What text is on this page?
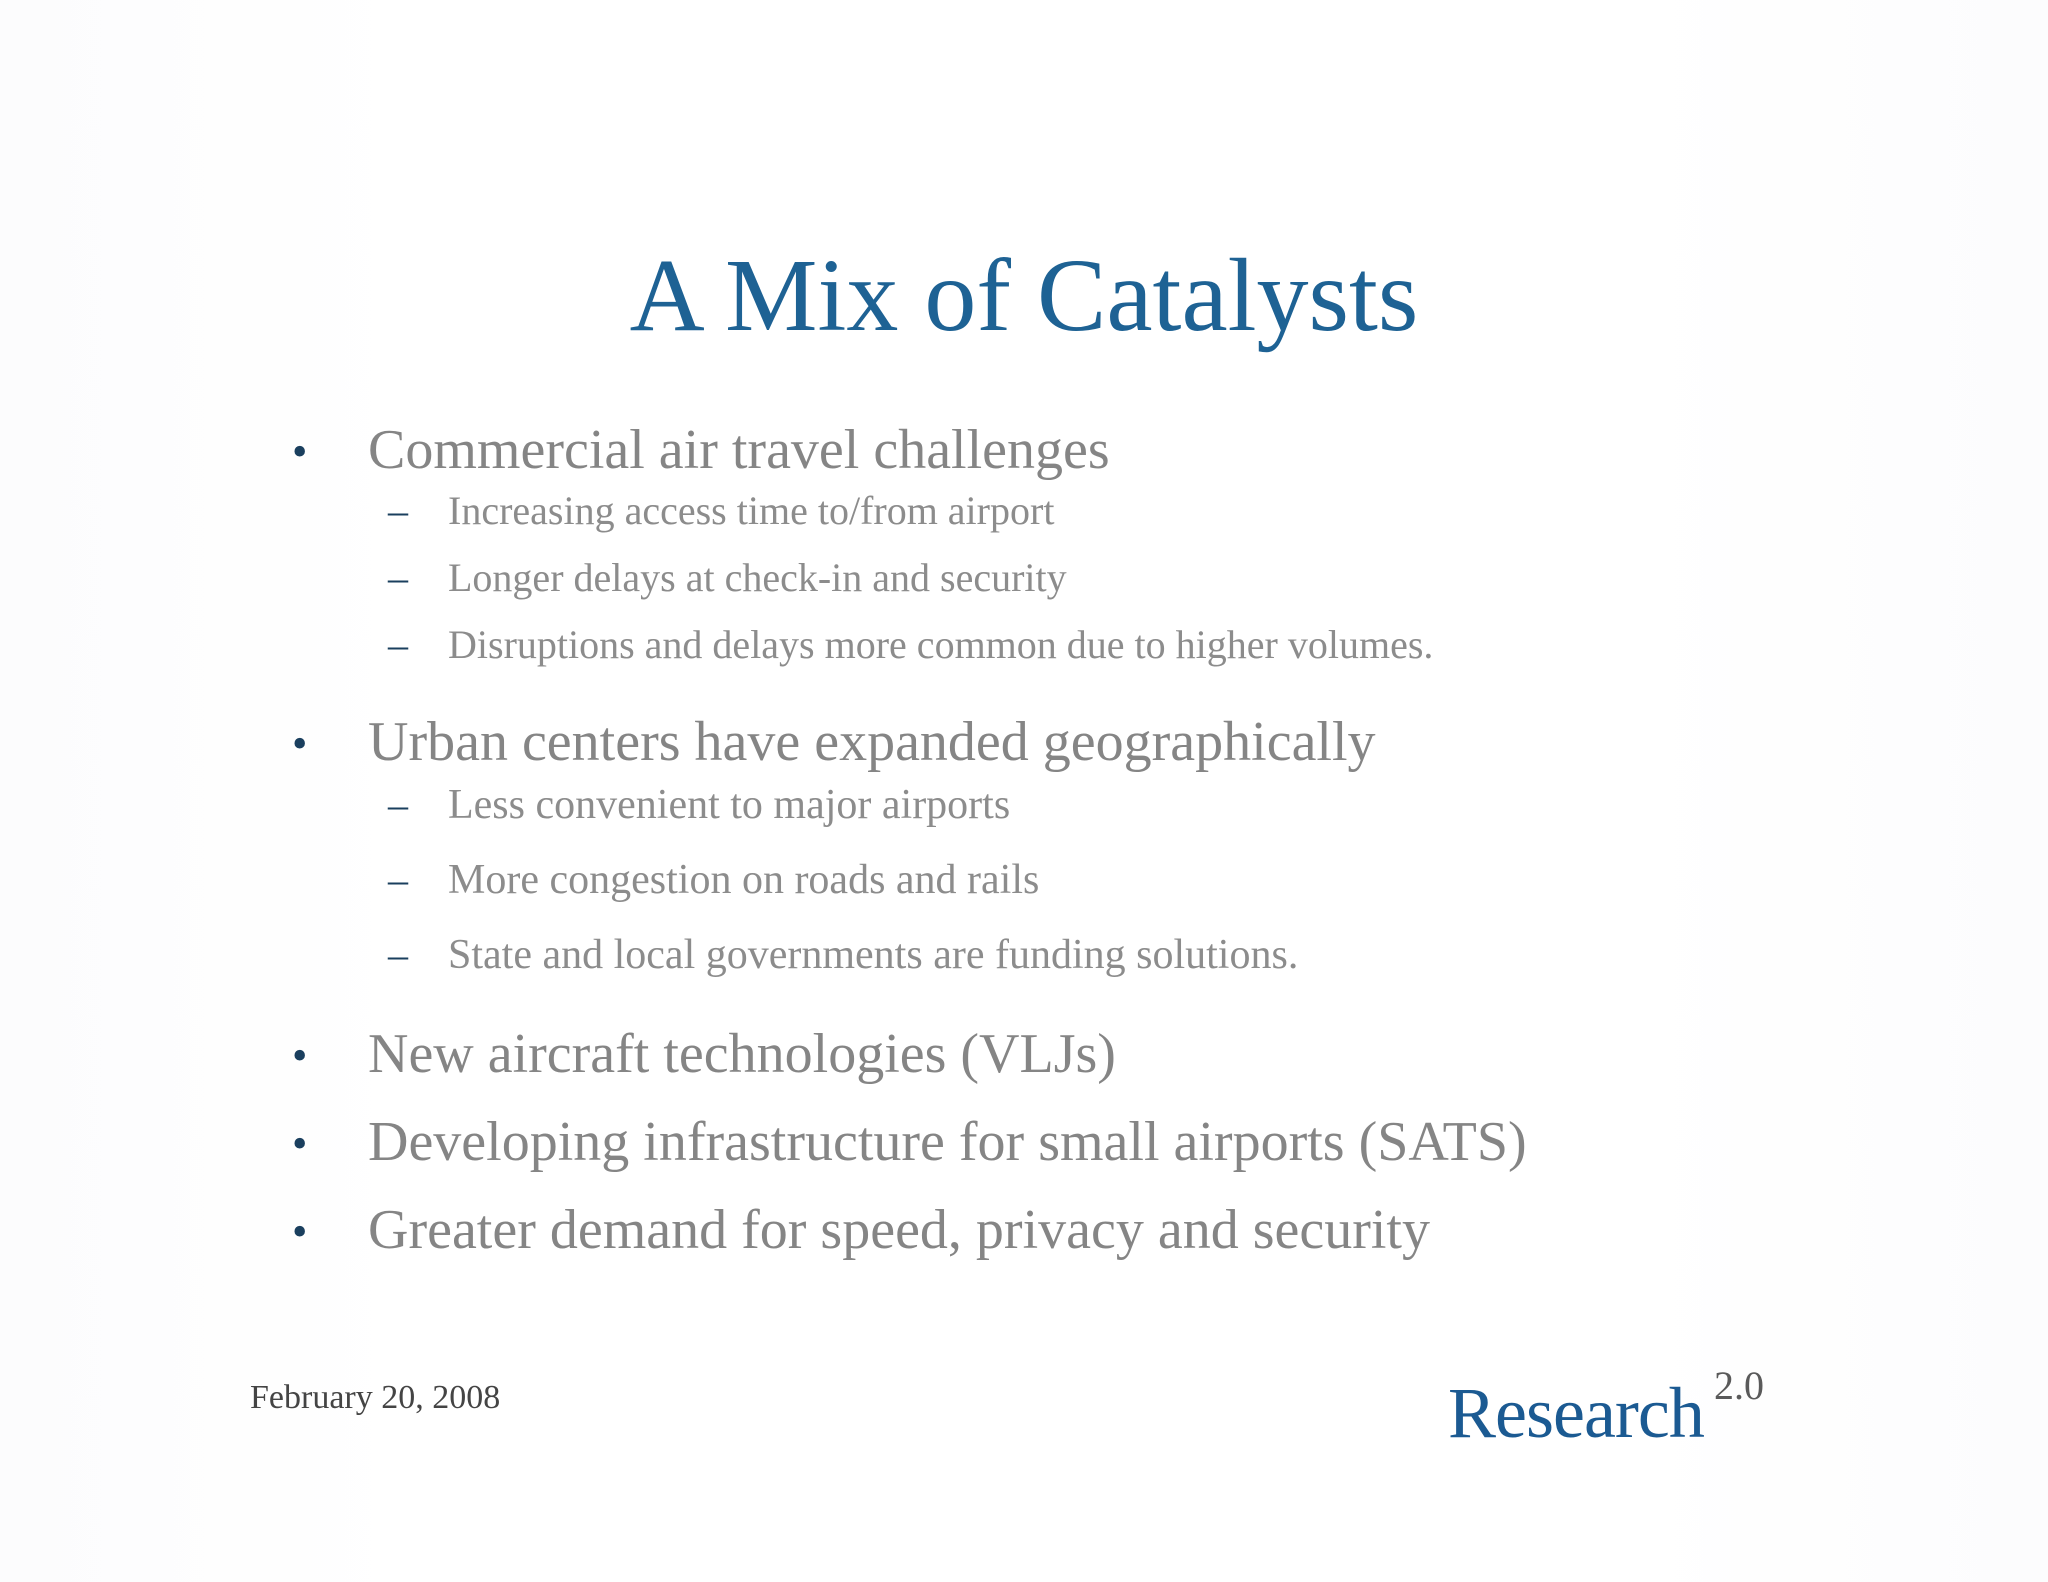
A Mix of Catalysts
• Commercial air travel challenges
– Increasing access time to/from airport
– Longer delays at check-in and security
– Disruptions and delays more common due to higher volumes.
• Urban centers have expanded geographically
– Less convenient to major airports
– More congestion on roads and rails
– State and local governments are funding solutions.
• New aircraft technologies (VLJs)
• Developing infrastructure for small airports (SATS)
• Greater demand for speed, privacy and security
February 20, 2008	Research 2.0
